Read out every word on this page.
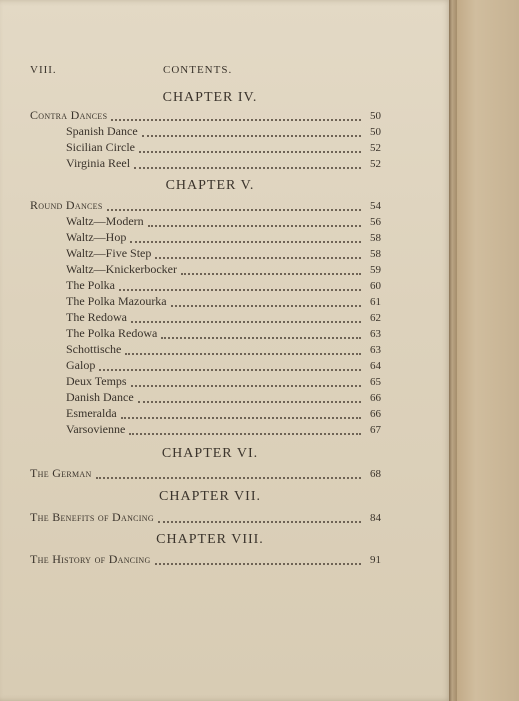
VIII.	CONTENTS.
CHAPTER IV.
Contra Dances	50
Spanish Dance	50
Sicilian Circle	52
Virginia Reel	52
CHAPTER V.
Round Dances	54
Waltz—Modern	56
Waltz—Hop	58
Waltz—Five Step	58
Waltz—Knickerbocker	59
The Polka	60
The Polka Mazourka	61
The Redowa	62
The Polka Redowa	63
Schottische	63
Galop	64
Deux Temps	65
Danish Dance	66
Esmeralda	66
Varsovienne	67
CHAPTER VI.
The German	68
CHAPTER VII.
The Benefits of Dancing	84
CHAPTER VIII.
The History of Dancing	91
